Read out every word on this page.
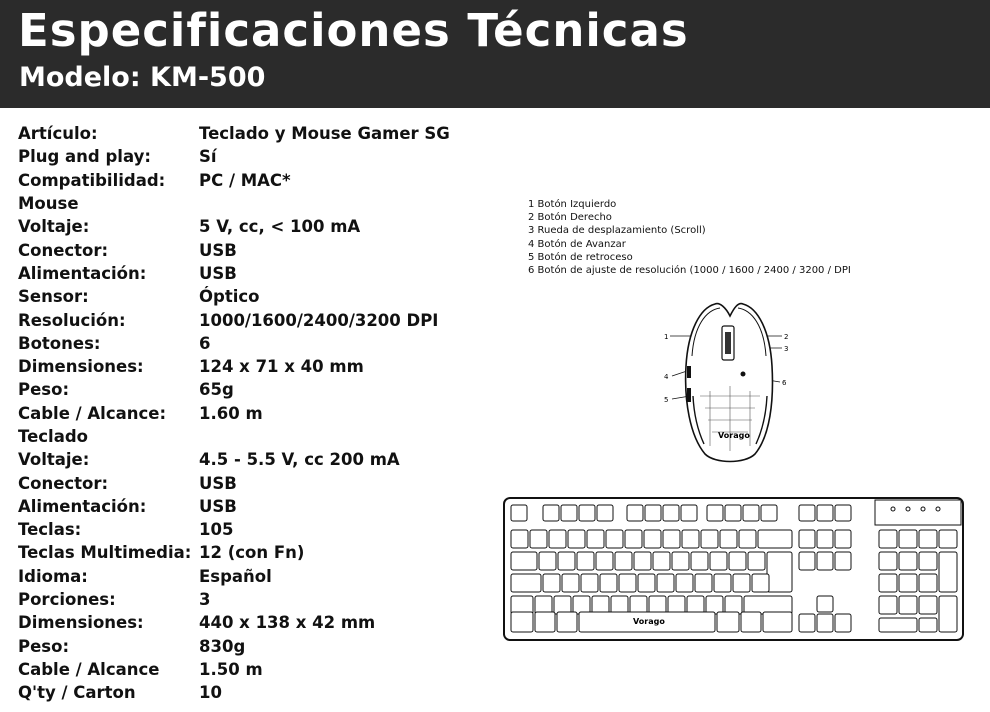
Especificaciones Técnicas
Modelo: KM-500
Artículo:	Teclado y Mouse Gamer SG
Plug and play:	Sí
Compatibilidad:	PC / MAC*
Mouse
Voltaje:	5 V, cc, < 100 mA
Conector:	USB
Alimentación:	USB
Sensor:	Óptico
Resolución:	1000/1600/2400/3200 DPI
Botones:	6
Dimensiones:	124 x 71 x 40 mm
Peso:	65g
Cable / Alcance:	1.60 m
Teclado
Voltaje:	4.5 - 5.5 V, cc 200 mA
Conector:	USB
Alimentación:	USB
Teclas:	105
Teclas Multimedia: 12 (con Fn)
Idioma:	Español
Porciones:	3
Dimensiones:	440 x 138 x 42 mm
Peso:	830g
Cable / Alcance	1.50 m
Q'ty / Carton	10
1 Botón Izquierdo
2 Botón Derecho
3 Rueda de desplazamiento (Scroll)
4 Botón de Avanzar
5 Botón de retroceso
6 Botón de ajuste de resolución (1000 / 1600 / 2400 / 3200 / DPI
1	2
3
4
5
6
Vorago
Vorago
